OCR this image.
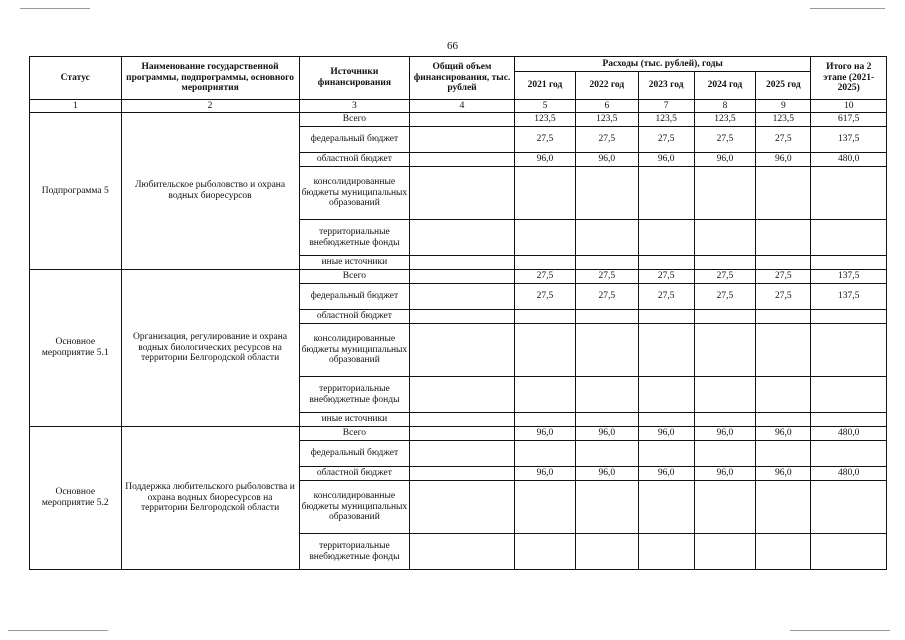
66
Статус	Наименование государственной программы, подпрограммы, основного мероприятия	Источники финансирования	Общий объем финансирования, тыс. рублей	Расходы (тыс. рублей), годы					Итого на 2 этапе (2021-2025)
				2021 год	2022 год	2023 год	2024 год	2025 год	
1	2	3	4	5	6	7	8	9	10
Подпрограмма 5	Любительское рыболовство и охрана водных биоресурсов	Всего		123,5	123,5	123,5	123,5	123,5	617,5
		федеральный бюджет		27,5	27,5	27,5	27,5	27,5	137,5
		областной бюджет		96,0	96,0	96,0	96,0	96,0	480,0
		консолидированные бюджеты муниципальных образований							
		территориальные внебюджетные фонды							
		иные источники							
Основное мероприятие 5.1	Организация, регулирование и охрана водных биологических ресурсов на территории Белгородской области	Всего		27,5	27,5	27,5	27,5	27,5	137,5
		федеральный бюджет		27,5	27,5	27,5	27,5	27,5	137,5
		областной бюджет							
		консолидированные бюджеты муниципальных образований							
		территориальные внебюджетные фонды							
		иные источники							
Основное мероприятие 5.2	Поддержка любительского рыболовства и охрана водных биоресурсов на территории Белгородской области	Всего		96,0	96,0	96,0	96,0	96,0	480,0
		федеральный бюджет							
		областной бюджет		96,0	96,0	96,0	96,0	96,0	480,0
		консолидированные бюджеты муниципальных образований							
		территориальные внебюджетные фонды							
